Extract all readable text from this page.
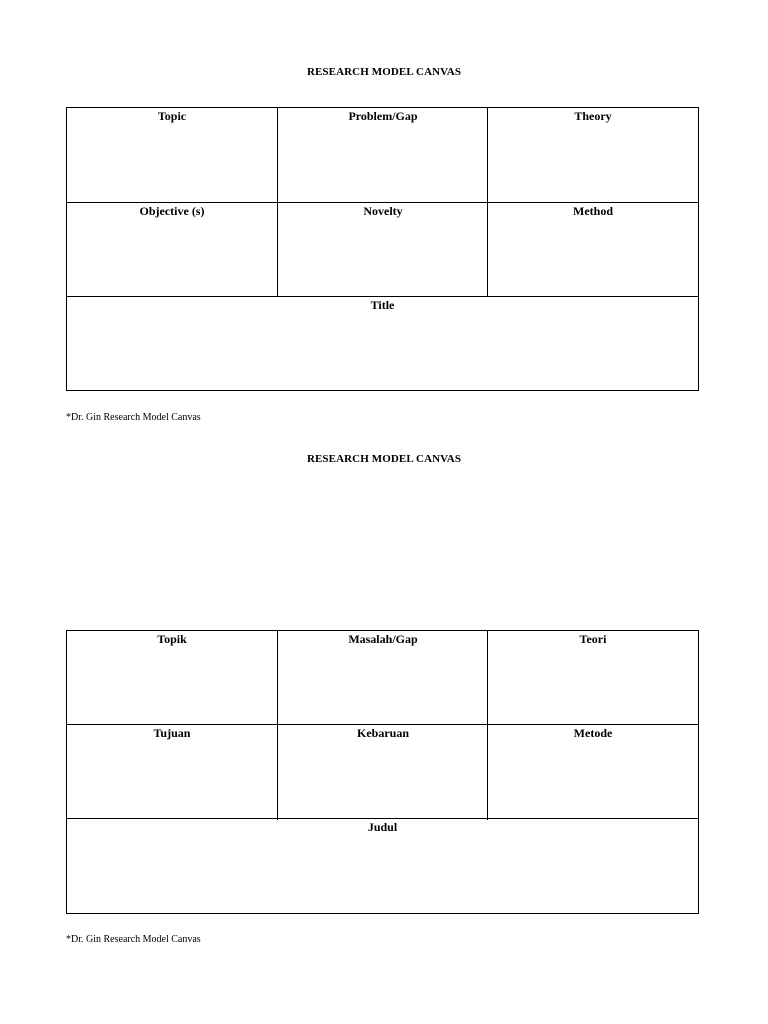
RESEARCH MODEL CANVAS
Topic	Problem/Gap	Theory
Objective (s)	Novelty	Method
Title
*Dr. Gin Research Model Canvas
RESEARCH MODEL CANVAS
Topik	Masalah/Gap	Teori
Tujuan	Kebaruan	Metode
Judul
*Dr. Gin Research Model Canvas
